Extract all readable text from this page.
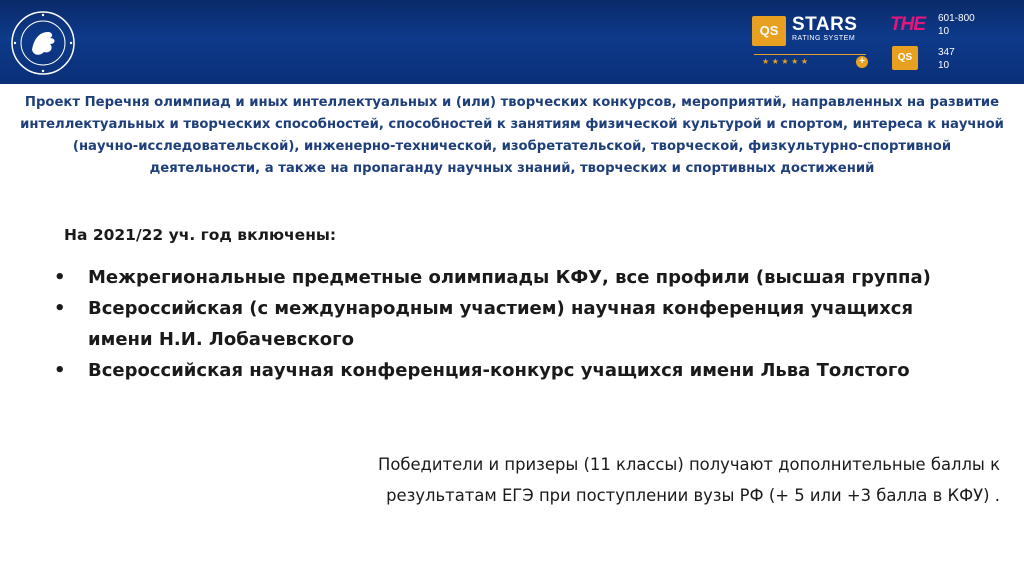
QS STARS
RATING SYSTEM
★ ★ ★ ★ ★	+
THE 601-800
10
QS	347
10
Проект Перечня олимпиад и иных интеллектуальных и (или) творческих конкурсов, мероприятий, направленных на развитие интеллектуальных и творческих способностей, способностей к занятиям физической культурой и спортом, интереса к научной (научно-исследовательской), инженерно-технической, изобретательской, творческой, физкультурно-спортивной деятельности, а также на пропаганду научных знаний, творческих и спортивных достижений
На 2021/22 уч. год включены:
•	Межрегиональные предметные олимпиады КФУ, все профили (высшая группа)
•	Всероссийская (с международным участием) научная конференция учащихся имени Н.И. Лобачевского
•	Всероссийская научная конференция-конкурс учащихся имени Льва Толстого
Победители и призеры (11 классы) получают дополнительные баллы к результатам ЕГЭ при поступлении вузы РФ (+ 5 или +3 балла в КФУ) .
